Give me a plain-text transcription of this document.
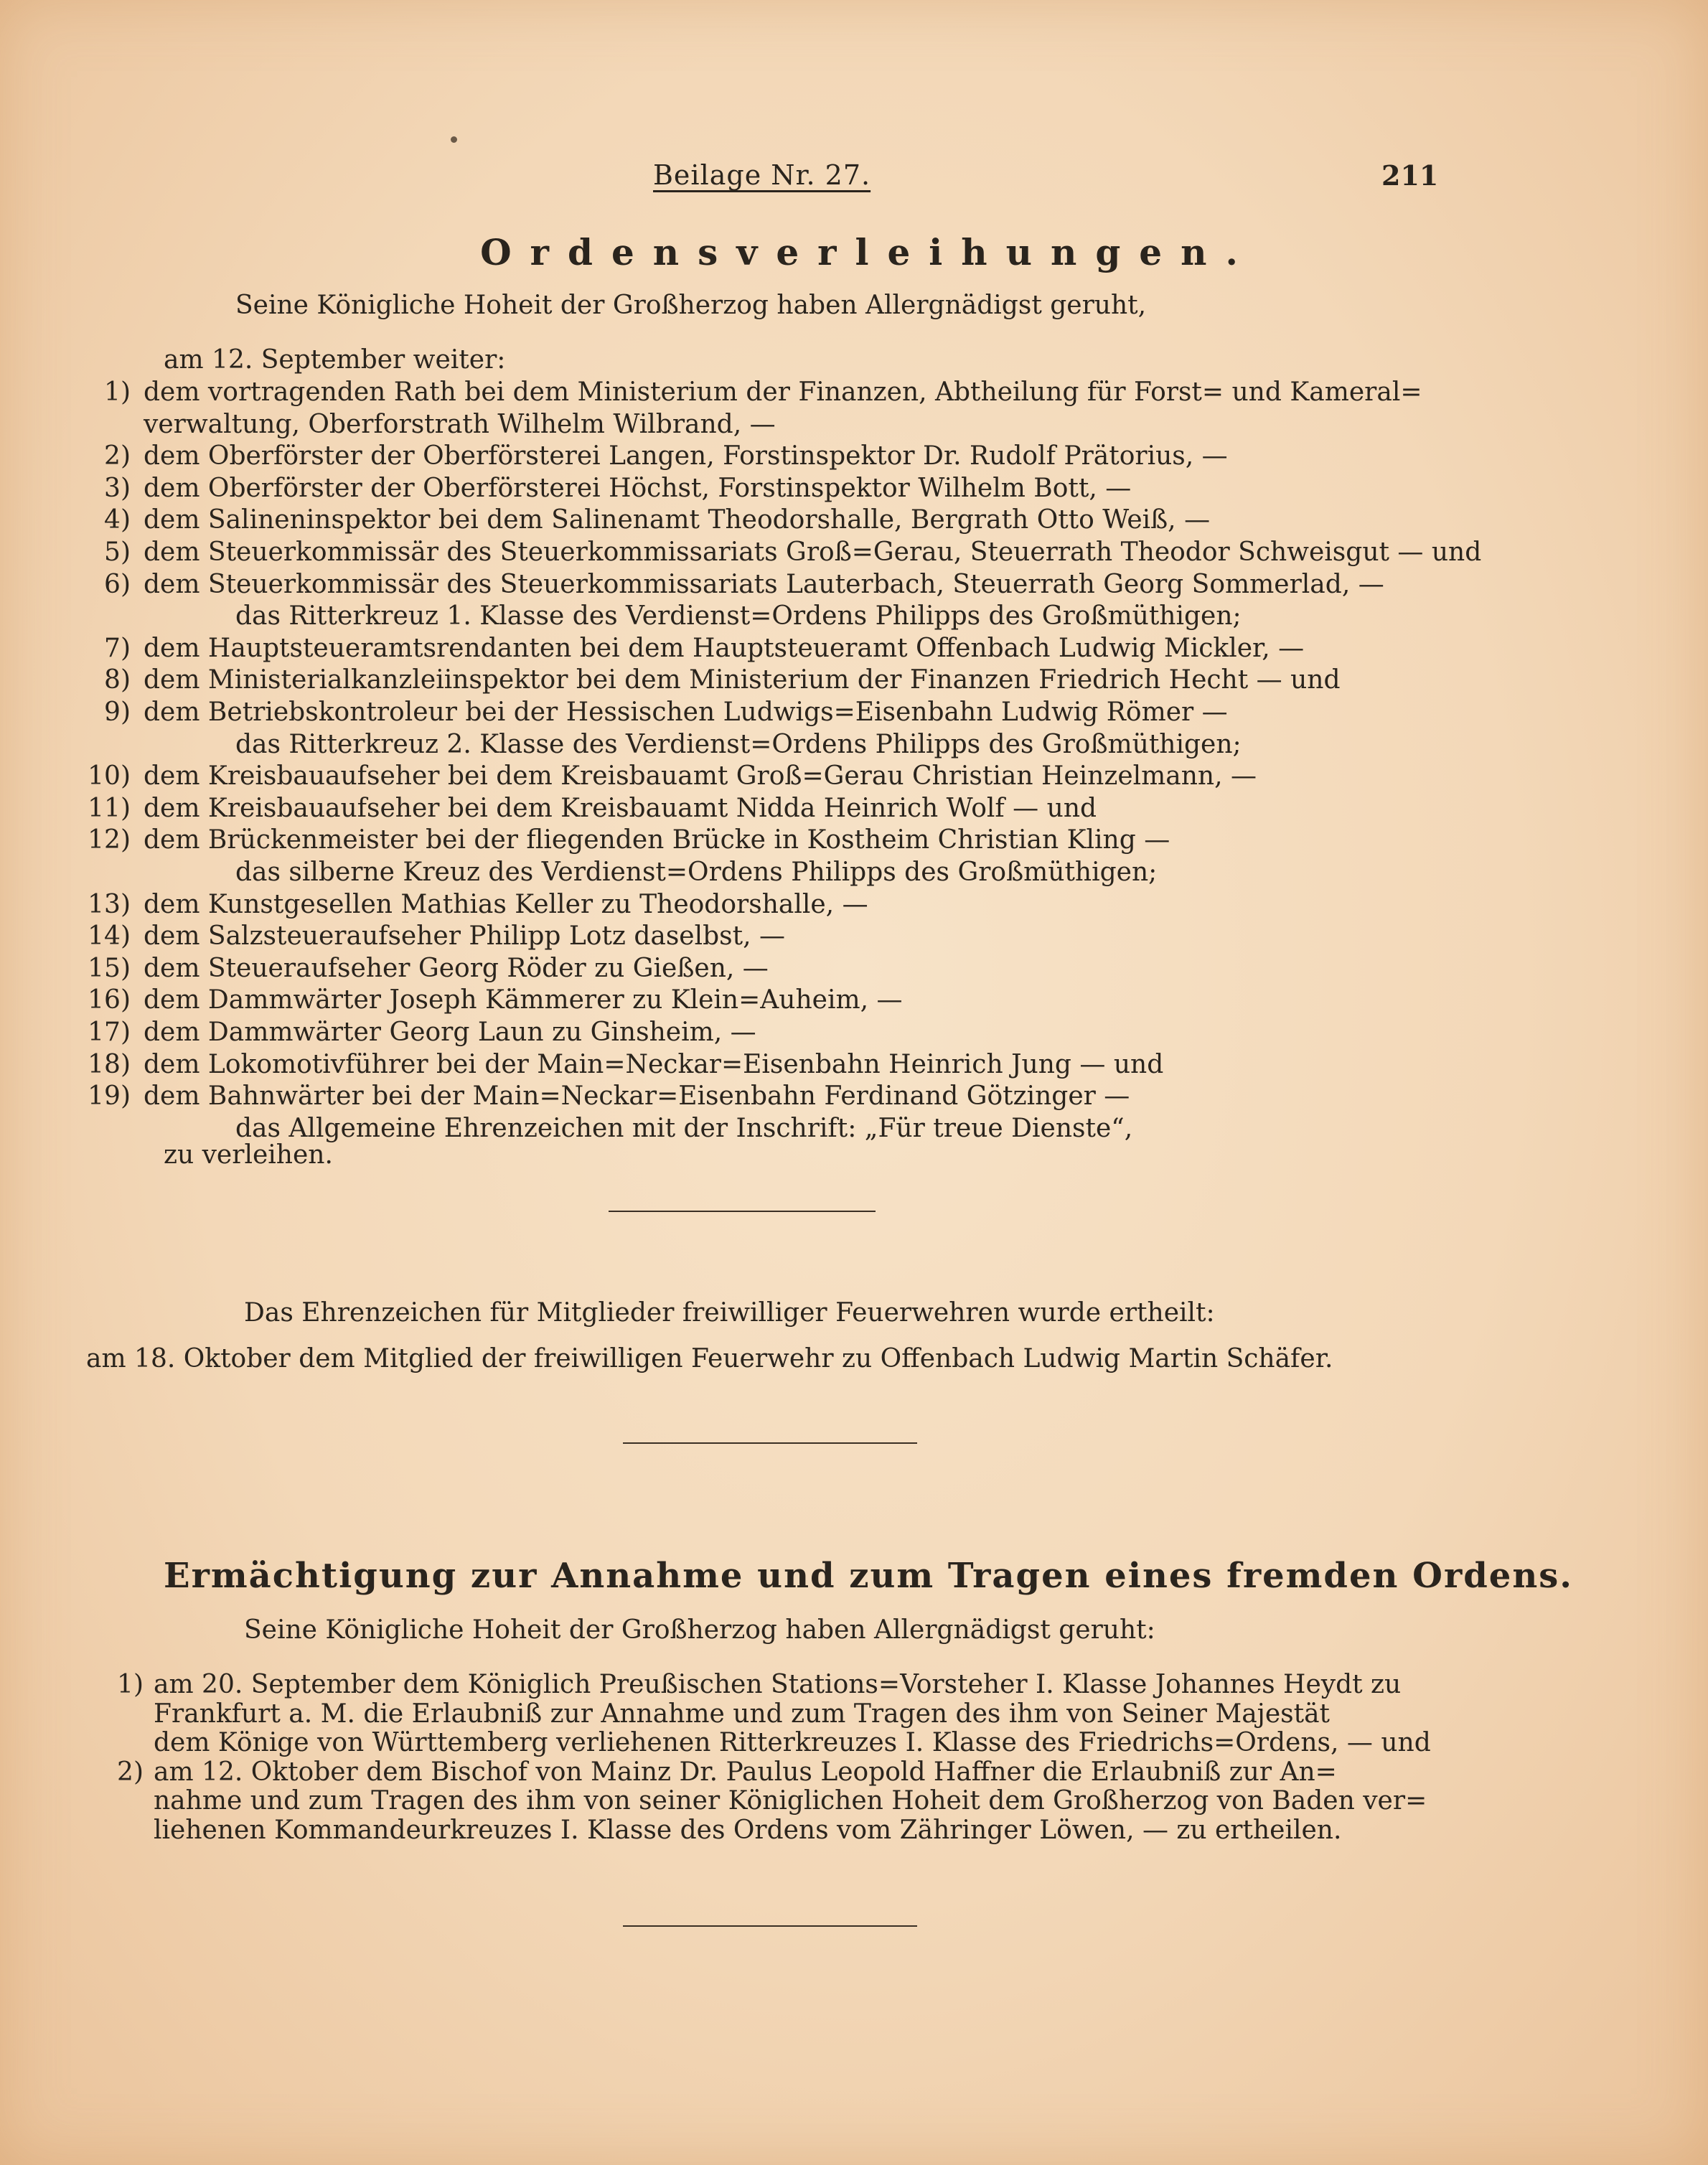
Beilage Nr. 27.	211
Ordensverleihungen.
Seine Königliche Hoheit der Großherzog haben Allergnädigst geruht,
am 12. September weiter:
1) dem vortragenden Rath bei dem Ministerium der Finanzen, Abtheilung für Forst= und Kameral=
verwaltung, Oberforstrath Wilhelm Wilbrand, —
2) dem Oberförster der Oberförsterei Langen, Forstinspektor Dr. Rudolf Prätorius, —
3) dem Oberförster der Oberförsterei Höchst, Forstinspektor Wilhelm Bott, —
4) dem Salineninspektor bei dem Salinenamt Theodorshalle, Bergrath Otto Weiß, —
5) dem Steuerkommissär des Steuerkommissariats Groß=Gerau, Steuerrath Theodor Schweisgut — und
6) dem Steuerkommissär des Steuerkommissariats Lauterbach, Steuerrath Georg Sommerlad, —
das Ritterkreuz 1. Klasse des Verdienst=Ordens Philipps des Großmüthigen;
7) dem Hauptsteueramtsrendanten bei dem Hauptsteueramt Offenbach Ludwig Mickler, —
8) dem Ministerialkanzleiinspektor bei dem Ministerium der Finanzen Friedrich Hecht — und
9) dem Betriebskontroleur bei der Hessischen Ludwigs=Eisenbahn Ludwig Römer —
das Ritterkreuz 2. Klasse des Verdienst=Ordens Philipps des Großmüthigen;
10) dem Kreisbauaufseher bei dem Kreisbauamt Groß=Gerau Christian Heinzelmann, —
11) dem Kreisbauaufseher bei dem Kreisbauamt Nidda Heinrich Wolf — und
12) dem Brückenmeister bei der fliegenden Brücke in Kostheim Christian Kling —
das silberne Kreuz des Verdienst=Ordens Philipps des Großmüthigen;
13) dem Kunstgesellen Mathias Keller zu Theodorshalle, —
14) dem Salzsteueraufseher Philipp Lotz daselbst, —
15) dem Steueraufseher Georg Röder zu Gießen, —
16) dem Dammwärter Joseph Kämmerer zu Klein=Auheim, —
17) dem Dammwärter Georg Laun zu Ginsheim, —
18) dem Lokomotivführer bei der Main=Neckar=Eisenbahn Heinrich Jung — und
19) dem Bahnwärter bei der Main=Neckar=Eisenbahn Ferdinand Götzinger —
das Allgemeine Ehrenzeichen mit der Inschrift: „Für treue Dienste“,
zu verleihen.
Das Ehrenzeichen für Mitglieder freiwilliger Feuerwehren wurde ertheilt:
am 18. Oktober dem Mitglied der freiwilligen Feuerwehr zu Offenbach Ludwig Martin Schäfer.
Ermächtigung zur Annahme und zum Tragen eines fremden Ordens.
Seine Königliche Hoheit der Großherzog haben Allergnädigst geruht:
1) am 20. September dem Königlich Preußischen Stations=Vorsteher I. Klasse Johannes Heydt zu
Frankfurt a. M. die Erlaubniß zur Annahme und zum Tragen des ihm von Seiner Majestät
dem Könige von Württemberg verliehenen Ritterkreuzes I. Klasse des Friedrichs=Ordens, — und
2) am 12. Oktober dem Bischof von Mainz Dr. Paulus Leopold Haffner die Erlaubniß zur An=
nahme und zum Tragen des ihm von seiner Königlichen Hoheit dem Großherzog von Baden ver=
liehenen Kommandeurkreuzes I. Klasse des Ordens vom Zähringer Löwen, — zu ertheilen.
